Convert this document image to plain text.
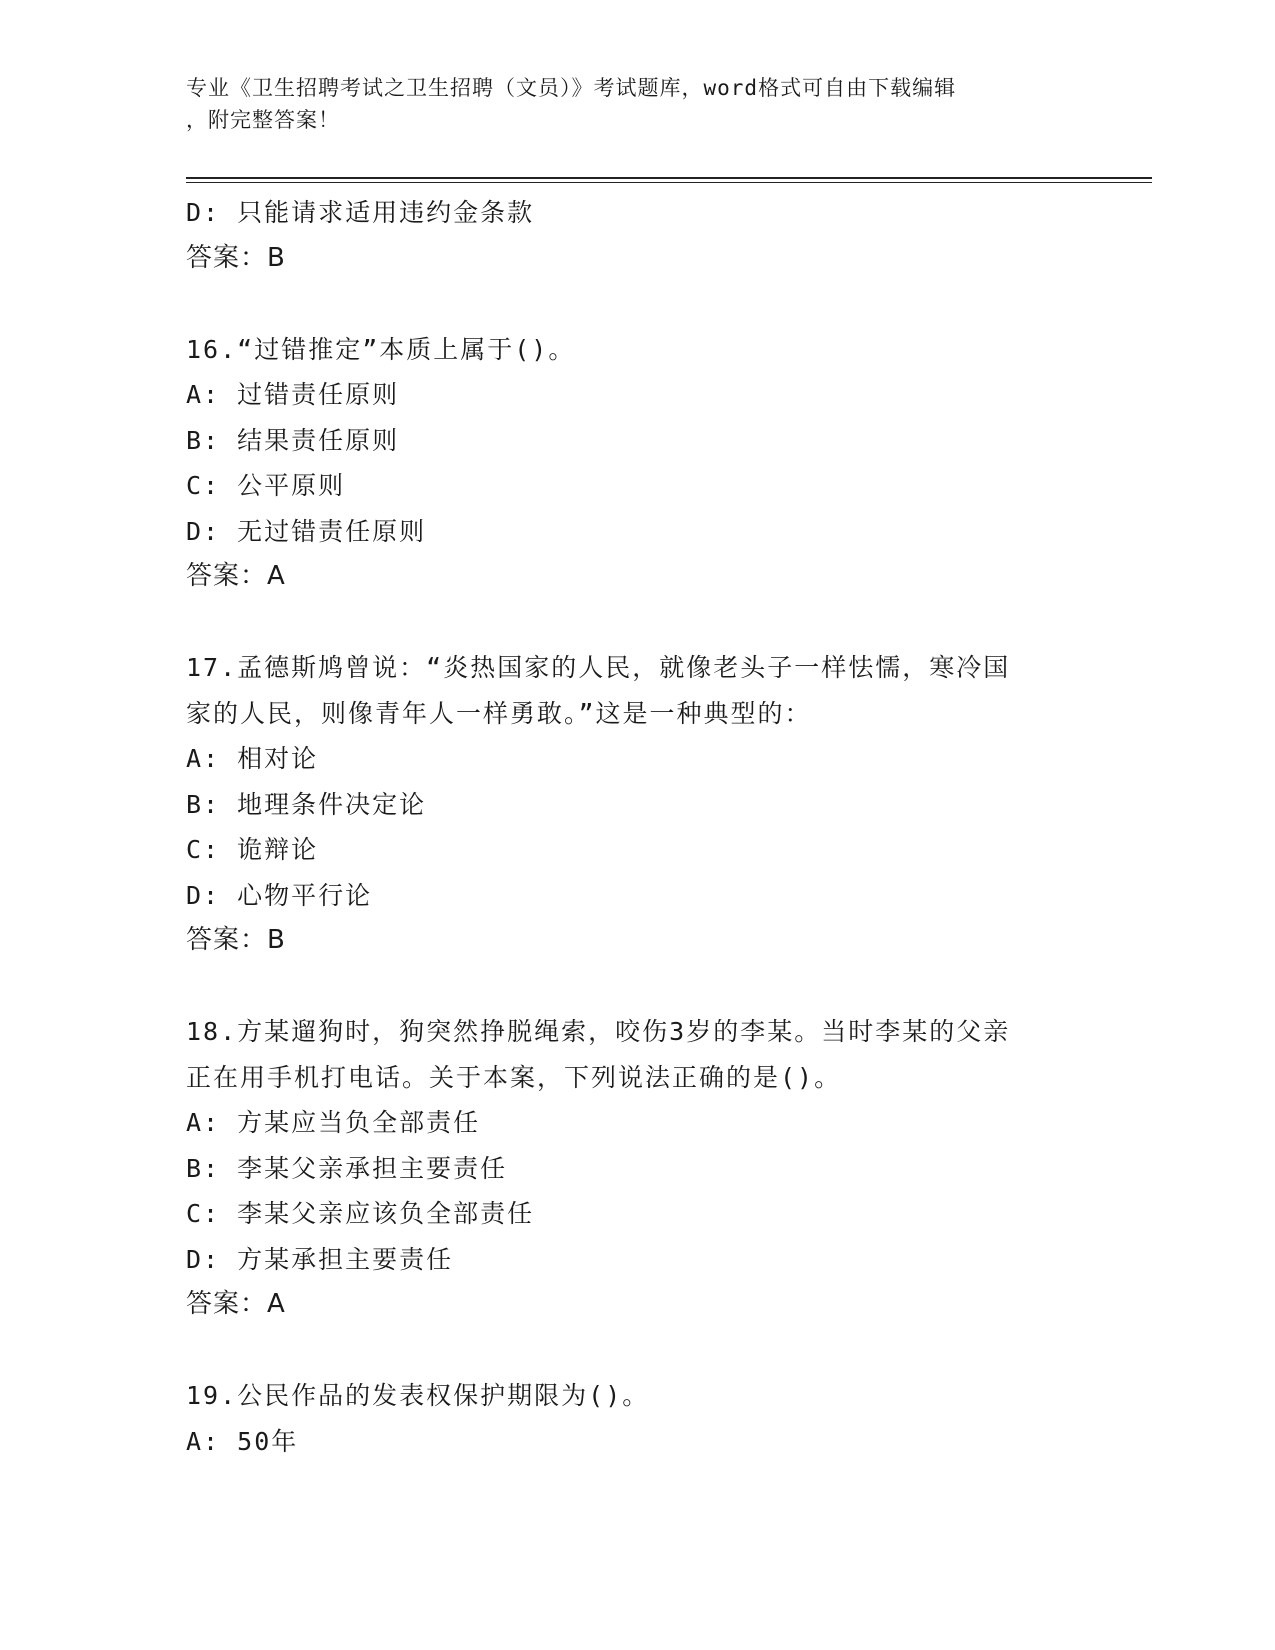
专业《卫生招聘考试之卫生招聘（文员）》考试题库，word格式可自由下载编辑
，附完整答案！
D: 只能请求适用违约金条款
答案：B
16.“过错推定”本质上属于()。
A: 过错责任原则
B: 结果责任原则
C: 公平原则
D: 无过错责任原则
答案：A
17.孟德斯鸠曾说：“炎热国家的人民，就像老头子一样怯懦，寒冷国
家的人民，则像青年人一样勇敢。”这是一种典型的：
A: 相对论
B: 地理条件决定论
C: 诡辩论
D: 心物平行论
答案：B
18.方某遛狗时，狗突然挣脱绳索，咬伤3岁的李某。当时李某的父亲
正在用手机打电话。关于本案，下列说法正确的是()。
A: 方某应当负全部责任
B: 李某父亲承担主要责任
C: 李某父亲应该负全部责任
D: 方某承担主要责任
答案：A
19.公民作品的发表权保护期限为()。
A: 50年
